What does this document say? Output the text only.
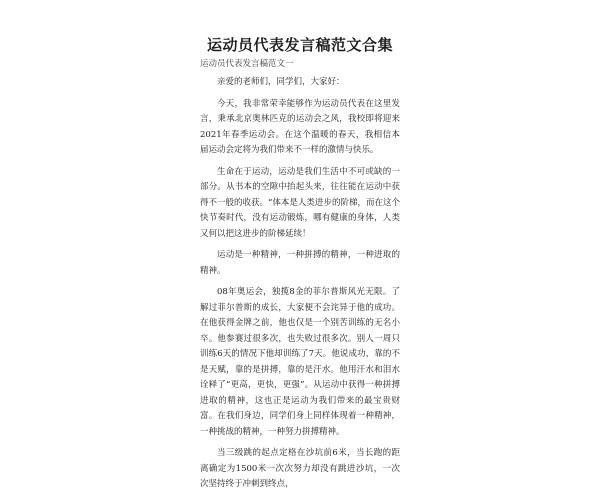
运动员代表发言稿范文合集
运动员代表发言稿范文一

亲爱的老师们，同学们，大家好：

今天，我非常荣幸能够作为运动员代表在这里发言，秉承北京奥林匹克的运动会之风，我校即将迎来2021年春季运动会。在这个温暖的春天，我相信本届运动会定将为我们带来不一样的激情与快乐。

生命在于运动，运动是我们生活中不可或缺的一部分。从书本的空隙中抬起头来，往往能在运动中获得不一般的收获。“体本是人类进步的阶梯，而在这个快节奏时代，没有运动锻炼，哪有健康的身体，人类又何以把这进步的阶梯延续！

运动是一种精神，一种拼搏的精神，一种进取的精神。

08年奥运会，独揽8金的菲尔普斯风光无限。了解过菲尔普斯的成长，大家便不会诧异于他的成功。在他获得金牌之前，他也仅是一个别苦训练的无名小卒。他参赛过很多次，也失败过很多次。别人一周只训练6天的情况下他却训练了7天。他说成功，靠的不是天赋，靠的是拼搏，靠的是汗水。他用汗水和泪水诠释了“更高，更快，更强”。从运动中获得一种拼搏进取的精神，这也正是运动为我们带来的最宝贵财富。在我们身边，同学们身上同样体现着一种精神，一种挑战的精神，一种努力拼搏精神。

当三级跳的起点定格在沙坑前6米，当长跑的距离确定为1500米一次次努力却没有跳进沙坑，一次次坚持终于冲刺到终点，
